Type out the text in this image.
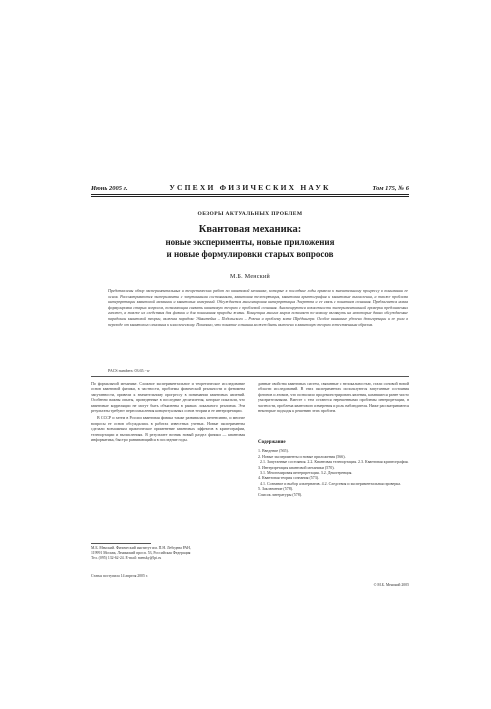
Июнь 2005 г.	УСПЕХИ ФИЗИЧЕСКИХ НАУК	Том 175, № 6
ОБЗОРЫ АКТУАЛЬНЫХ ПРОБЛЕМ
Квантовая механика:
новые эксперименты, новые приложения
и новые формулировки старых вопросов
М.Б. Менский
Представлены обзор экспериментальных и теоретических работ по квантовой механике, которые в последние годы привели к значительному прогрессу в понимании ее основ. Рассматриваются эксперименты с запутанными состояниями, квантовая телепортация, квантовая криптография и квантовые вычисления, а также проблема интерпретации квантовой механики и квантовых измерений. Обсуждается многомировая интерпретация Эверетта и ее связь с понятием сознания. Предлагается новая формулировка старых вопросов, позволяющая связать квантовую теорию с проблемой сознания. Анализируются возможности экспериментальной проверки предлагаемых гипотез, а также их следствия для физики и для понимания природы жизни. Концепция многих миров позволяет по-новому взглянуть на некоторые давно обсуждаемые парадоксы квантовой теории, включая парадокс Эйнштейна – Подольского – Розена и проблему кота Шрёдингера. Особое внимание уделено декогеренции и ее роли в переходе от квантового описания к классическому. Показано, что понятие сознания может быть включено в квантовую теорию естественным образом.
PACS numbers: 03.65.−w

По формальной механике. Сложное экспериментальное и теоретическое исследование основ квантовой физики, в частности, проблемы физической реальности и феномена запутанности, привели к значительному прогрессу в понимании квантовых явлений. Особенно важны опыты, проведенные в последние десятилетия, которые показали, что квантовые корреляции не могут быть объяснены в рамках локального реализма. Эти результаты требуют переосмысления концептуальных основ теории и ее интерпретации.

В СССР и затем в России квантовая физика также развивалась интенсивно, и многие вопросы ее основ обсуждались в работах известных ученых. Новые эксперименты сделали возможным практическое применение квантовых эффектов в криптографии, телепортации и вычислениях. В результате возник новый раздел физики — квантовая информатика, быстро развивающийся в последние годы.

данные свойства квантовых систем, связанные с нелокальностью, стали основой новой области исследований. В этих экспериментах используются запутанные состояния фотонов и атомов, что позволило продемонстрировать явления, казавшиеся ранее чисто умозрительными. Вместе с тем остаются нерешенными проблемы интерпретации, в частности, проблема квантового измерения и роль наблюдателя. Ниже рассматриваются некоторые подходы к решению этих проблем.

М.Б. Менский. Физический институт им. П.Н. Лебедева РАН,
119991 Москва, Ленинский просп. 53, Российская Федерация
Тел. (095) 132-62-24. E-mail: mensky@lpi.ru
Статья поступила 14 апреля 2005 г.
Содержание

1. Введение (565).

2. Новые эксперименты и новые приложения (566).

2.1. Запутанные состояния. 2.2. Квантовая телепортация. 2.3. Квантовая криптография.

3. Интерпретация квантовой механики (570).

3.1. Многомировая интерпретация. 3.2. Декогеренция.

4. Квантовая теория сознания (573).

4.1. Сознание и выбор альтернатив. 4.2. Следствия и экспериментальная проверка.

5. Заключение (578).

Список литературы (578).

© М.Б. Менский 2005
